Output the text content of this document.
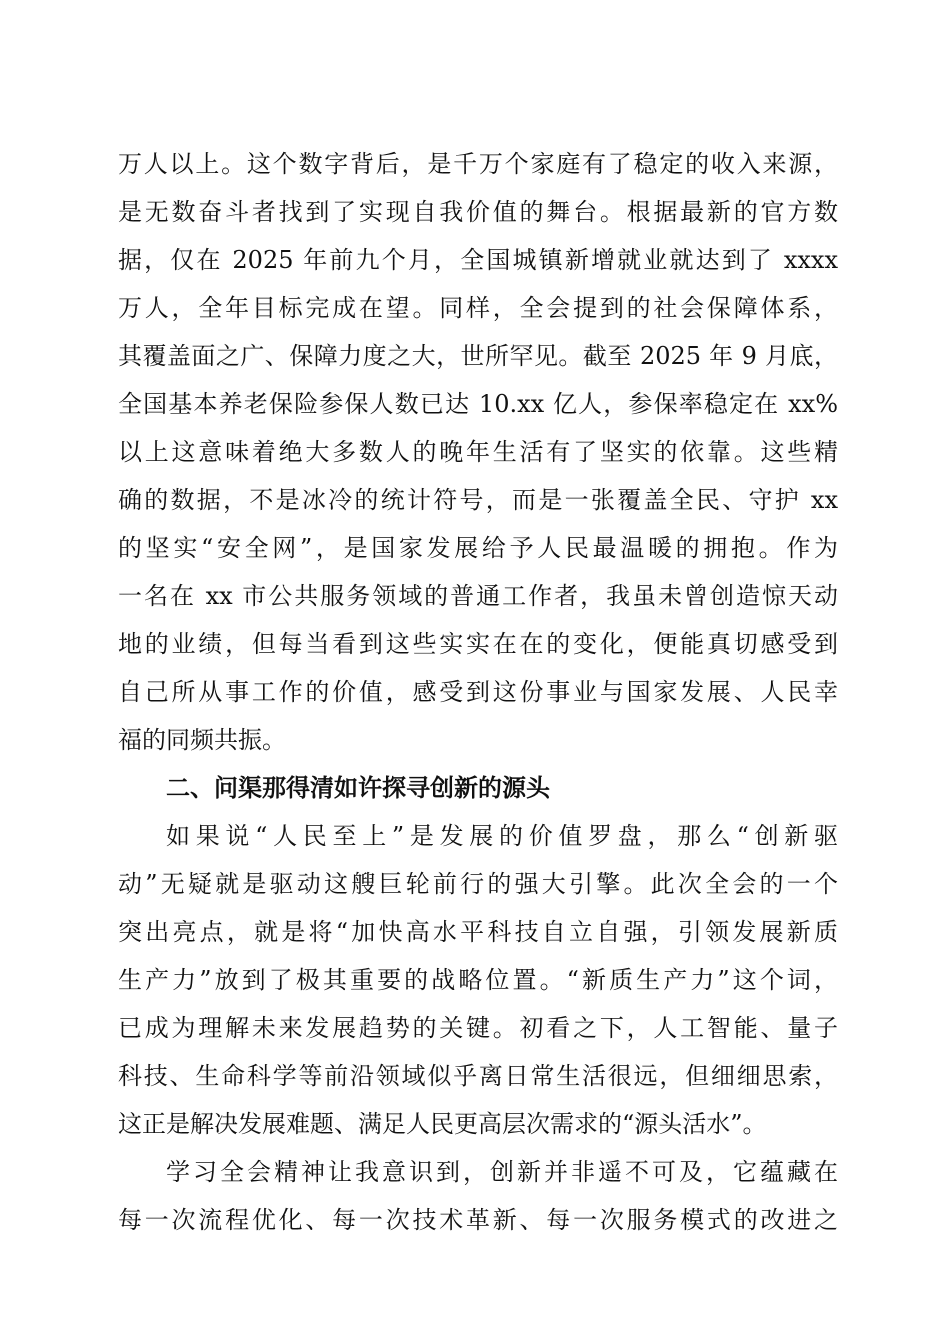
万人以上。这个数字背后，是千万个家庭有了稳定的收入来源，
是无数奋斗者找到了实现自我价值的舞台。根据最新的官方数
据，仅在 2025 年前九个月，全国城镇新增就业就达到了 xxxx
万人，全年目标完成在望。同样，全会提到的社会保障体系，
其覆盖面之广、保障力度之大，世所罕见。截至 2025 年 9 月底，
全国基本养老保险参保人数已达 10.xx 亿人，参保率稳定在 xx%
以上这意味着绝大多数人的晚年生活有了坚实的依靠。这些精
确的数据，不是冰冷的统计符号，而是一张覆盖全民、守护 xx
的坚实“安全网”，是国家发展给予人民最温暖的拥抱。作为
一名在 xx 市公共服务领域的普通工作者，我虽未曾创造惊天动
地的业绩，但每当看到这些实实在在的变化，便能真切感受到
自己所从事工作的价值，感受到这份事业与国家发展、人民幸
福的同频共振。
二、问渠那得清如许探寻创新的源头
如果说“人民至上”是发展的价值罗盘，那么“创新驱
动”无疑就是驱动这艘巨轮前行的强大引擎。此次全会的一个
突出亮点，就是将“加快高水平科技自立自强，引领发展新质
生产力”放到了极其重要的战略位置。“新质生产力”这个词，
已成为理解未来发展趋势的关键。初看之下，人工智能、量子
科技、生命科学等前沿领域似乎离日常生活很远，但细细思索，
这正是解决发展难题、满足人民更高层次需求的“源头活水”。
学习全会精神让我意识到，创新并非遥不可及，它蕴藏在
每一次流程优化、每一次技术革新、每一次服务模式的改进之
